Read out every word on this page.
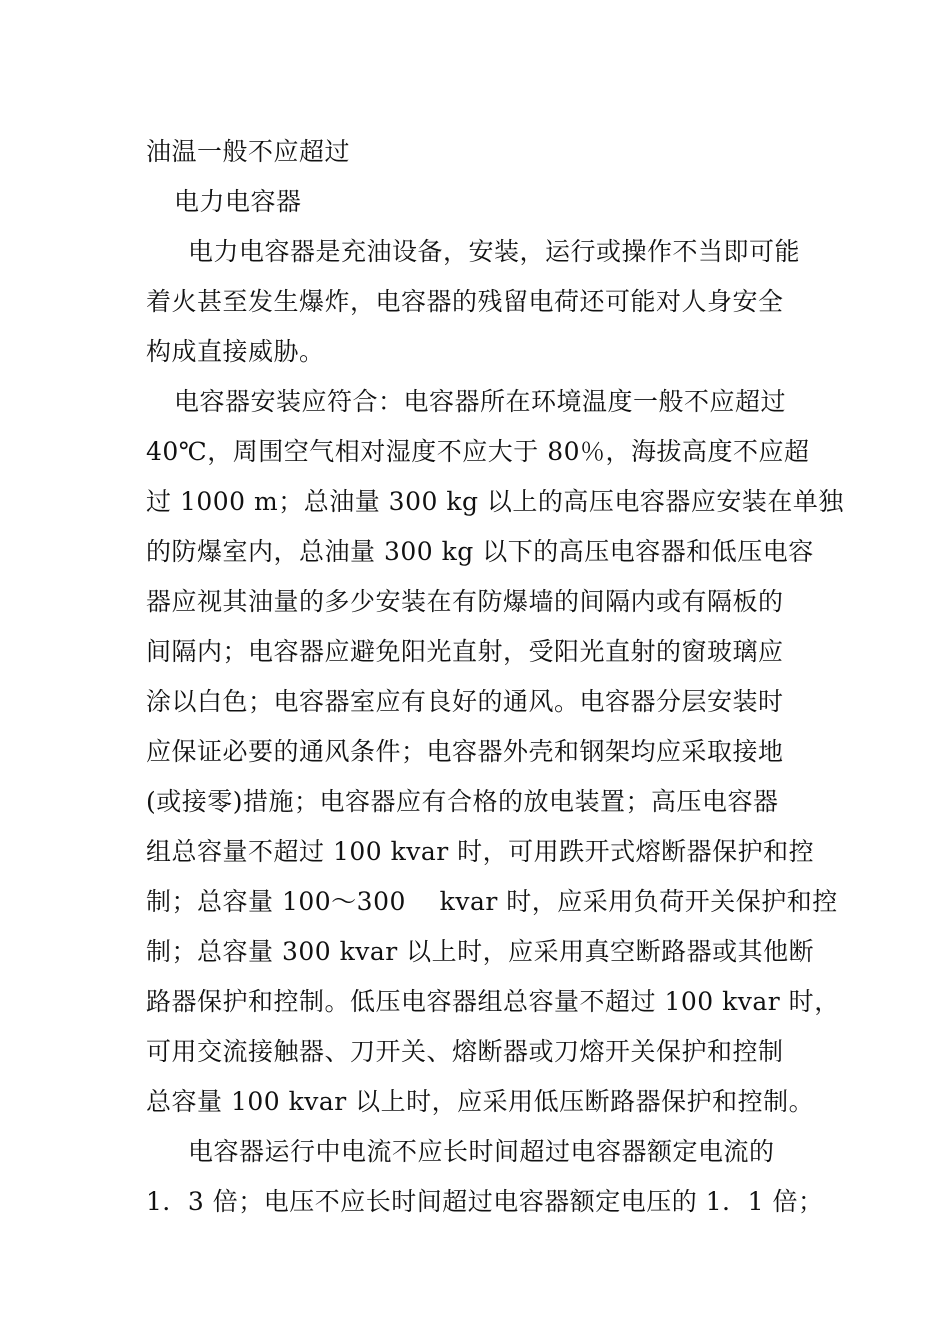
油温一般不应超过
电力电容器
电力电容器是充油设备，安装，运行或操作不当即可能
着火甚至发生爆炸，电容器的残留电荷还可能对人身安全
构成直接威胁。
电容器安装应符合：电容器所在环境温度一般不应超过
40℃，周围空气相对湿度不应大于 80％，海拔高度不应超
过 1000 m；总油量 300 kg 以上的高压电容器应安装在单独
的防爆室内，总油量 300 kg 以下的高压电容器和低压电容
器应视其油量的多少安装在有防爆墙的间隔内或有隔板的
间隔内；电容器应避免阳光直射，受阳光直射的窗玻璃应
涂以白色；电容器室应有良好的通风。电容器分层安装时
应保证必要的通风条件；电容器外壳和钢架均应采取接地
(或接零)措施；电容器应有合格的放电装置；高压电容器
组总容量不超过 100 kvar 时，可用跌开式熔断器保护和控
制；总容量 100～300    kvar 时，应采用负荷开关保护和控
制；总容量 300 kvar 以上时，应采用真空断路器或其他断
路器保护和控制。低压电容器组总容量不超过 100 kvar 时，
可用交流接触器、刀开关、熔断器或刀熔开关保护和控制
总容量 100 kvar 以上时，应采用低压断路器保护和控制。
电容器运行中电流不应长时间超过电容器额定电流的
1．3 倍；电压不应长时间超过电容器额定电压的 1．1 倍；
